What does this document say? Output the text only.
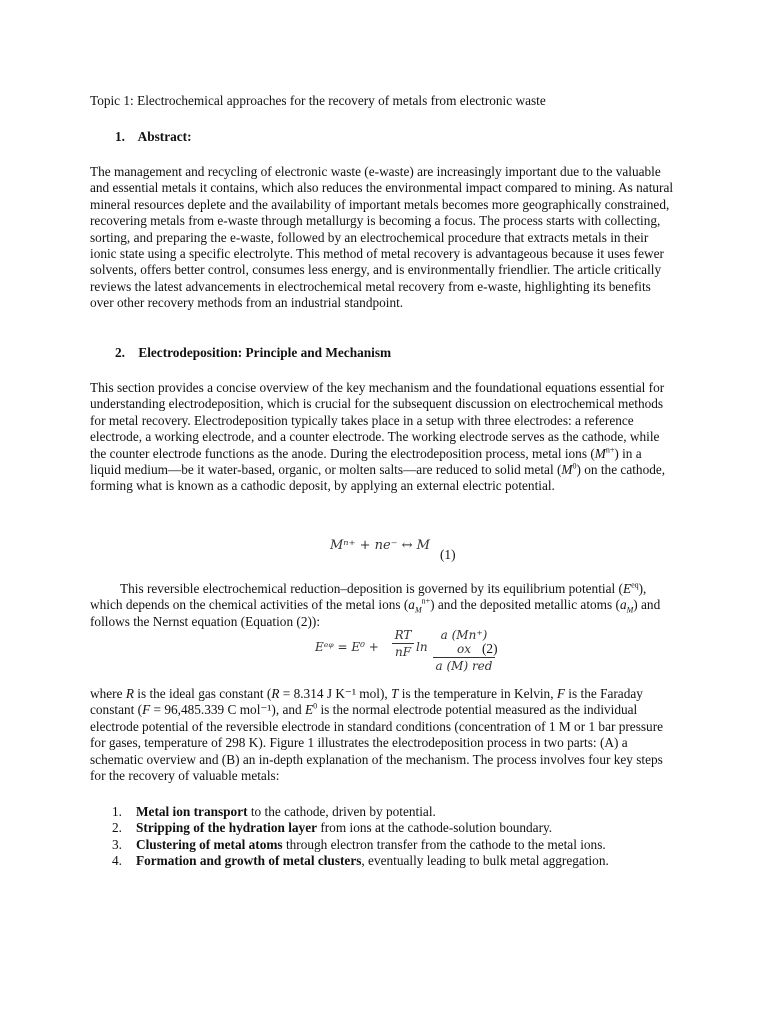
Topic 1: Electrochemical approaches for the recovery of metals from electronic waste

1. Abstract:

The management and recycling of electronic waste (e-waste) are increasingly important due to the valuable and essential metals it contains, which also reduces the environmental impact compared to mining. As natural mineral resources deplete and the availability of important metals becomes more geographically constrained, recovering metals from e-waste through metallurgy is becoming a focus. The process starts with collecting, sorting, and preparing the e-waste, followed by an electrochemical procedure that extracts metals in their ionic state using a specific electrolyte. This method of metal recovery is advantageous because it uses fewer solvents, offers better control, consumes less energy, and is environmentally friendlier. The article critically reviews the latest advancements in electrochemical metal recovery from e-waste, highlighting its benefits over other recovery methods from an industrial standpoint.

2. Electrodeposition: Principle and Mechanism

This section provides a concise overview of the key mechanism and the foundational equations essential for understanding electrodeposition, which is crucial for the subsequent discussion on electrochemical methods for metal recovery. Electrodeposition typically takes place in a setup with three electrodes: a reference electrode, a working electrode, and a counter electrode. The working electrode serves as the cathode, while the counter electrode functions as the anode. During the electrodeposition process, metal ions $(M^{n+})$ in a liquid medium—be it water-based, organic, or molten salts—are reduced to solid metal $(M^0)$ on the cathode, forming what is known as a cathodic deposit, by applying an external electric potential.

Mⁿ⁺ + ne⁻ ↔ M
(1)

This reversible electrochemical reduction–deposition is governed by its equilibrium potential $(E^{eq})$, which depends on the chemical activities of the metal ions $(a_M^{n+})$ and the deposited metallic atoms $(a_M)$ and follows the Nernst equation (Equation (2)):

Eᵉᵠ = $E^0 + \frac{RT}{nF}$ ln
a (Mn⁺) ox
a (M) red
(2)

where R is the ideal gas constant (R = 8.314 J K⁻¹ mol), T is the temperature in Kelvin, F is the Faraday constant (F = 96,485.339 C mol⁻¹), and $E^0$ is the normal electrode potential measured as the individual electrode potential of the reversible electrode in standard conditions (concentration of 1 M or 1 bar pressure for gases, temperature of 298 K). Figure 1 illustrates the electrodeposition process in two parts: (A) a schematic overview and (B) an in-depth explanation of the mechanism. The process involves four key steps for the recovery of valuable metals:

1. Metal ion transport to the cathode, driven by potential.
2. Stripping of the hydration layer from ions at the cathode-solution boundary.
3. Clustering of metal atoms through electron transfer from the cathode to the metal ions.
4. Formation and growth of metal clusters, eventually leading to bulk metal aggregation.
